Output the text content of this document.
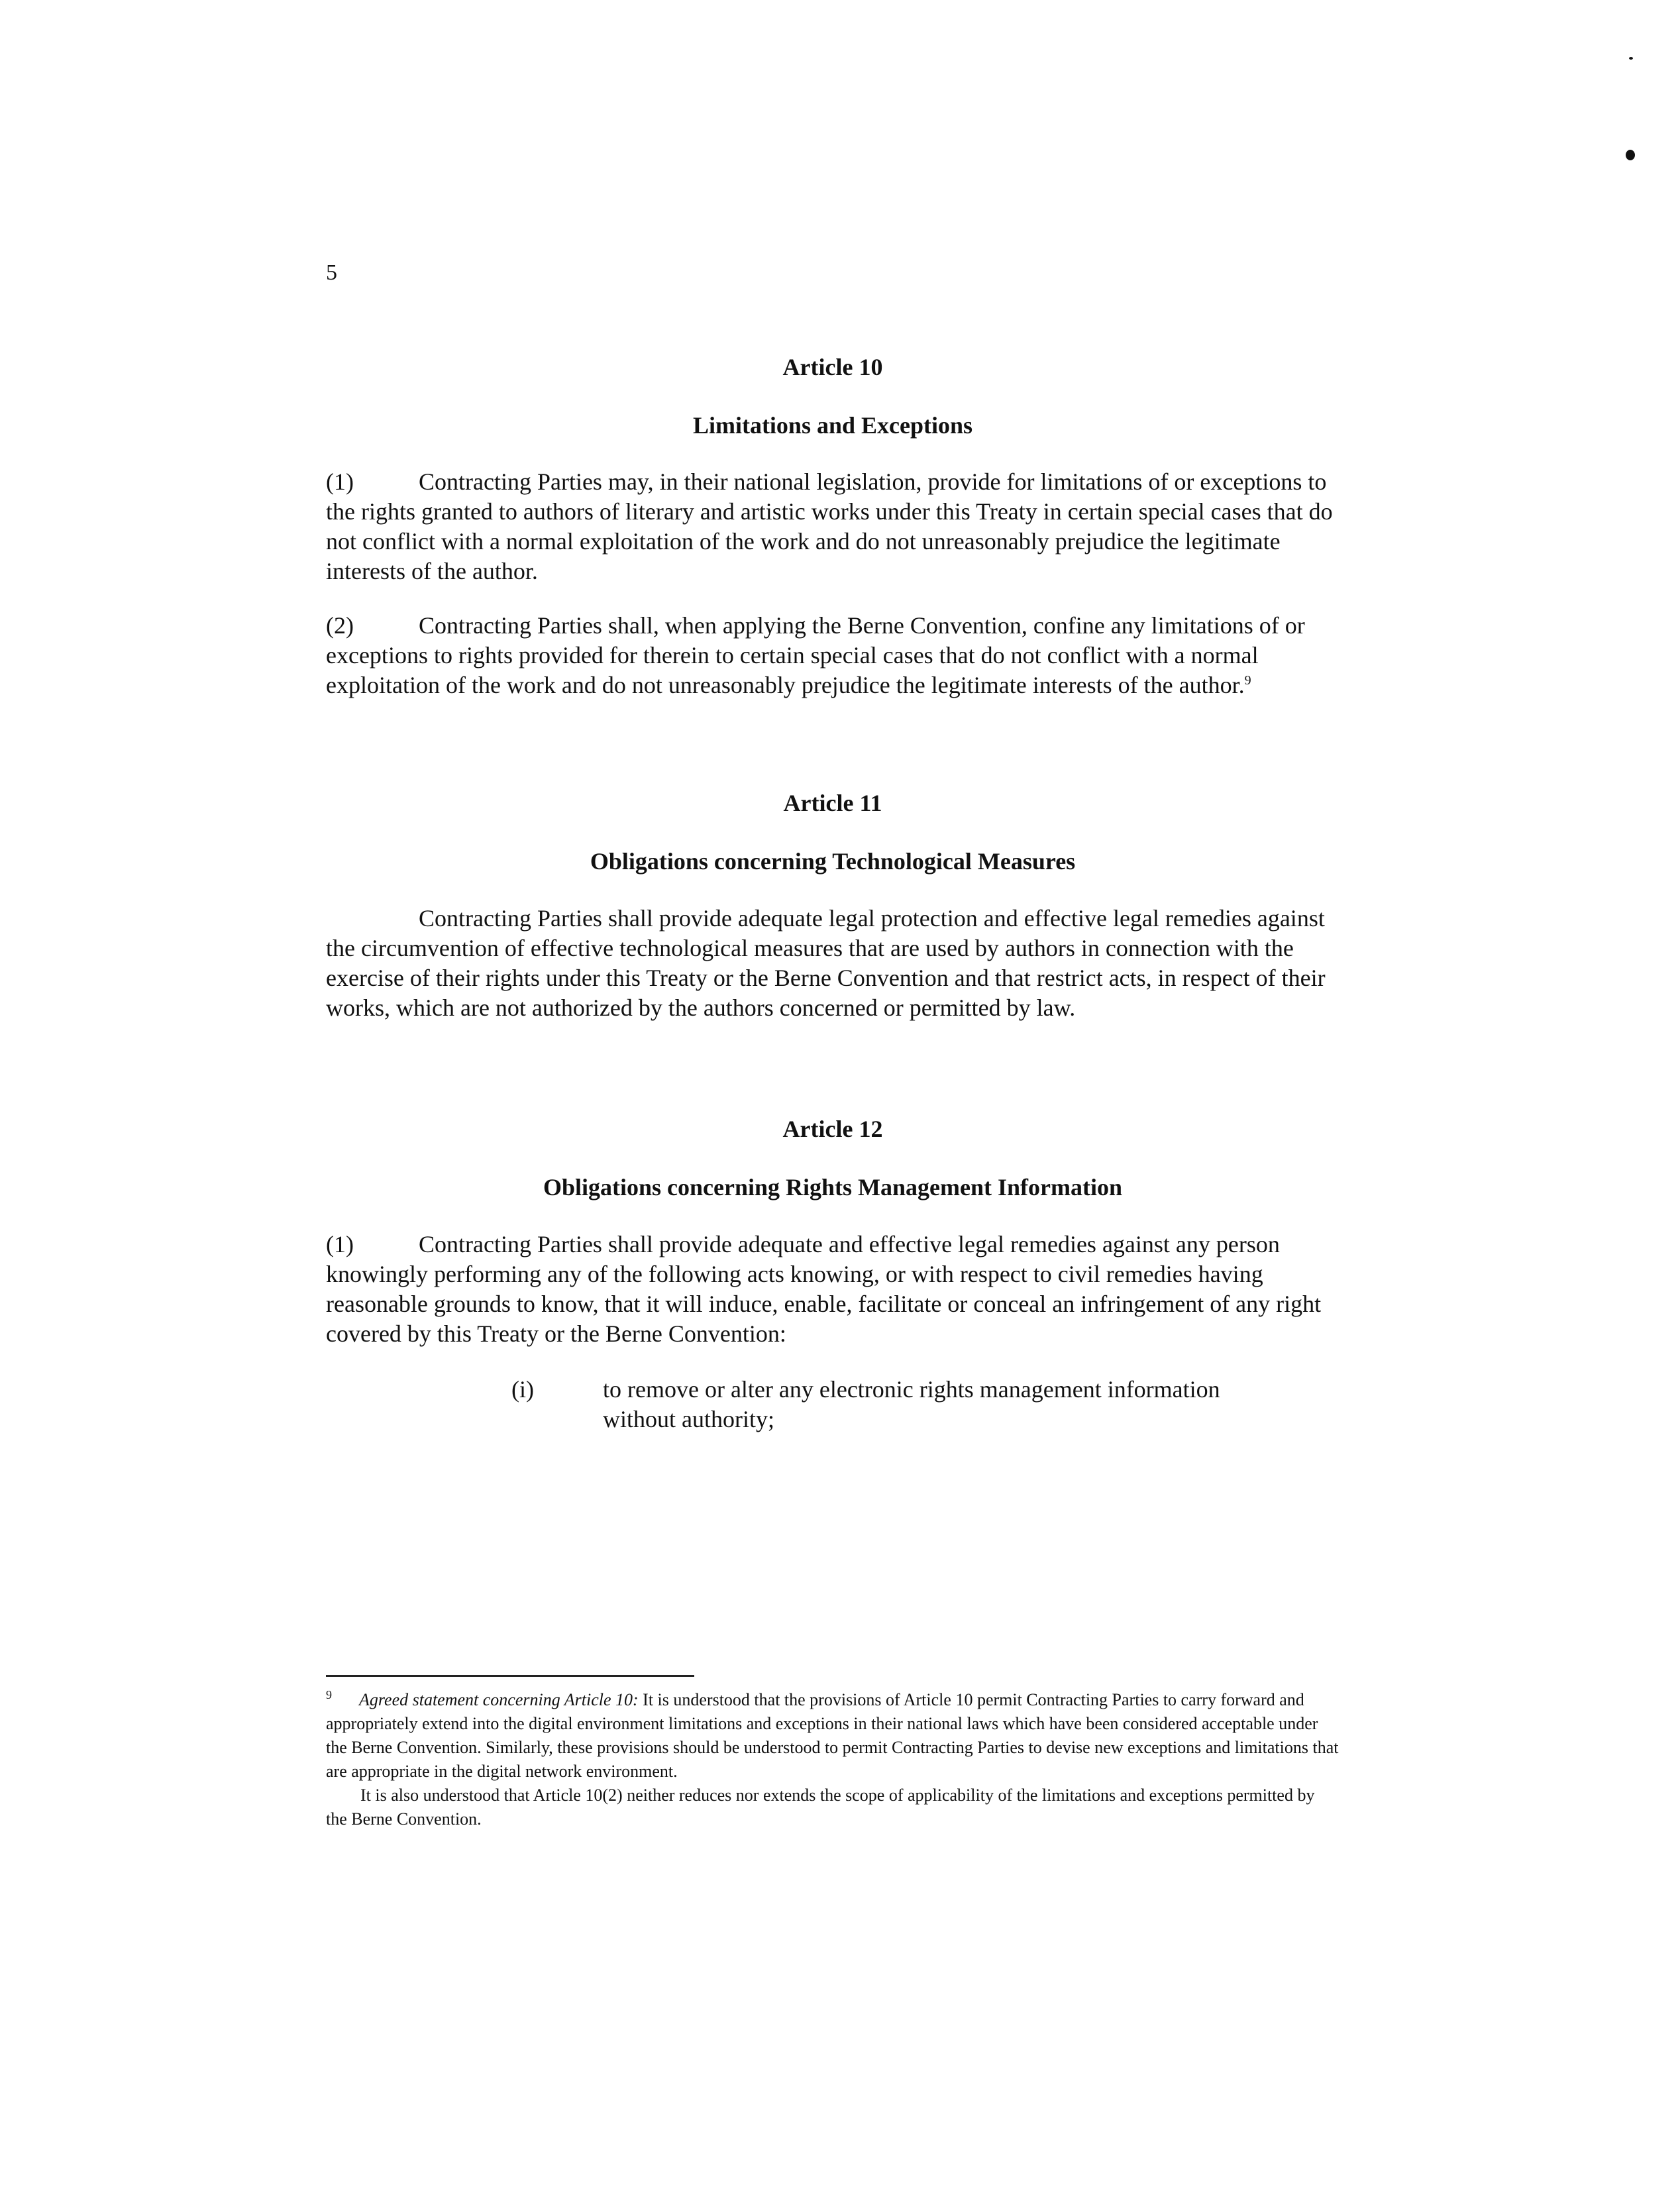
5
Article 10
Limitations and Exceptions

(1)	Contracting Parties may, in their national legislation, provide for limitations of or exceptions to the rights granted to authors of literary and artistic works under this Treaty in certain special cases that do not conflict with a normal exploitation of the work and do not unreasonably prejudice the legitimate interests of the author.

(2)	Contracting Parties shall, when applying the Berne Convention, confine any limitations of or exceptions to rights provided for therein to certain special cases that do not conflict with a normal exploitation of the work and do not unreasonably prejudice the legitimate interests of the author.$^9$

Article 11
Obligations concerning Technological Measures

Contracting Parties shall provide adequate legal protection and effective legal remedies against the circumvention of effective technological measures that are used by authors in connection with the exercise of their rights under this Treaty or the Berne Convention and that restrict acts, in respect of their works, which are not authorized by the authors concerned or permitted by law.

Article 12
Obligations concerning Rights Management Information

(1)	Contracting Parties shall provide adequate and effective legal remedies against any person knowingly performing any of the following acts knowing, or with respect to civil remedies having reasonable grounds to know, that it will induce, enable, facilitate or conceal an infringement of any right covered by this Treaty or the Berne Convention:

(i)	to remove or alter any electronic rights management information without authority;
9 Agreed statement concerning Article 10: It is understood that the provisions of Article 10 permit Contracting Parties to carry forward and appropriately extend into the digital environment limitations and exceptions in their national laws which have been considered acceptable under the Berne Convention. Similarly, these provisions should be understood to permit Contracting Parties to devise new exceptions and limitations that are appropriate in the digital network environment.
It is also understood that Article 10(2) neither reduces nor extends the scope of applicability of the limitations and exceptions permitted by the Berne Convention.
